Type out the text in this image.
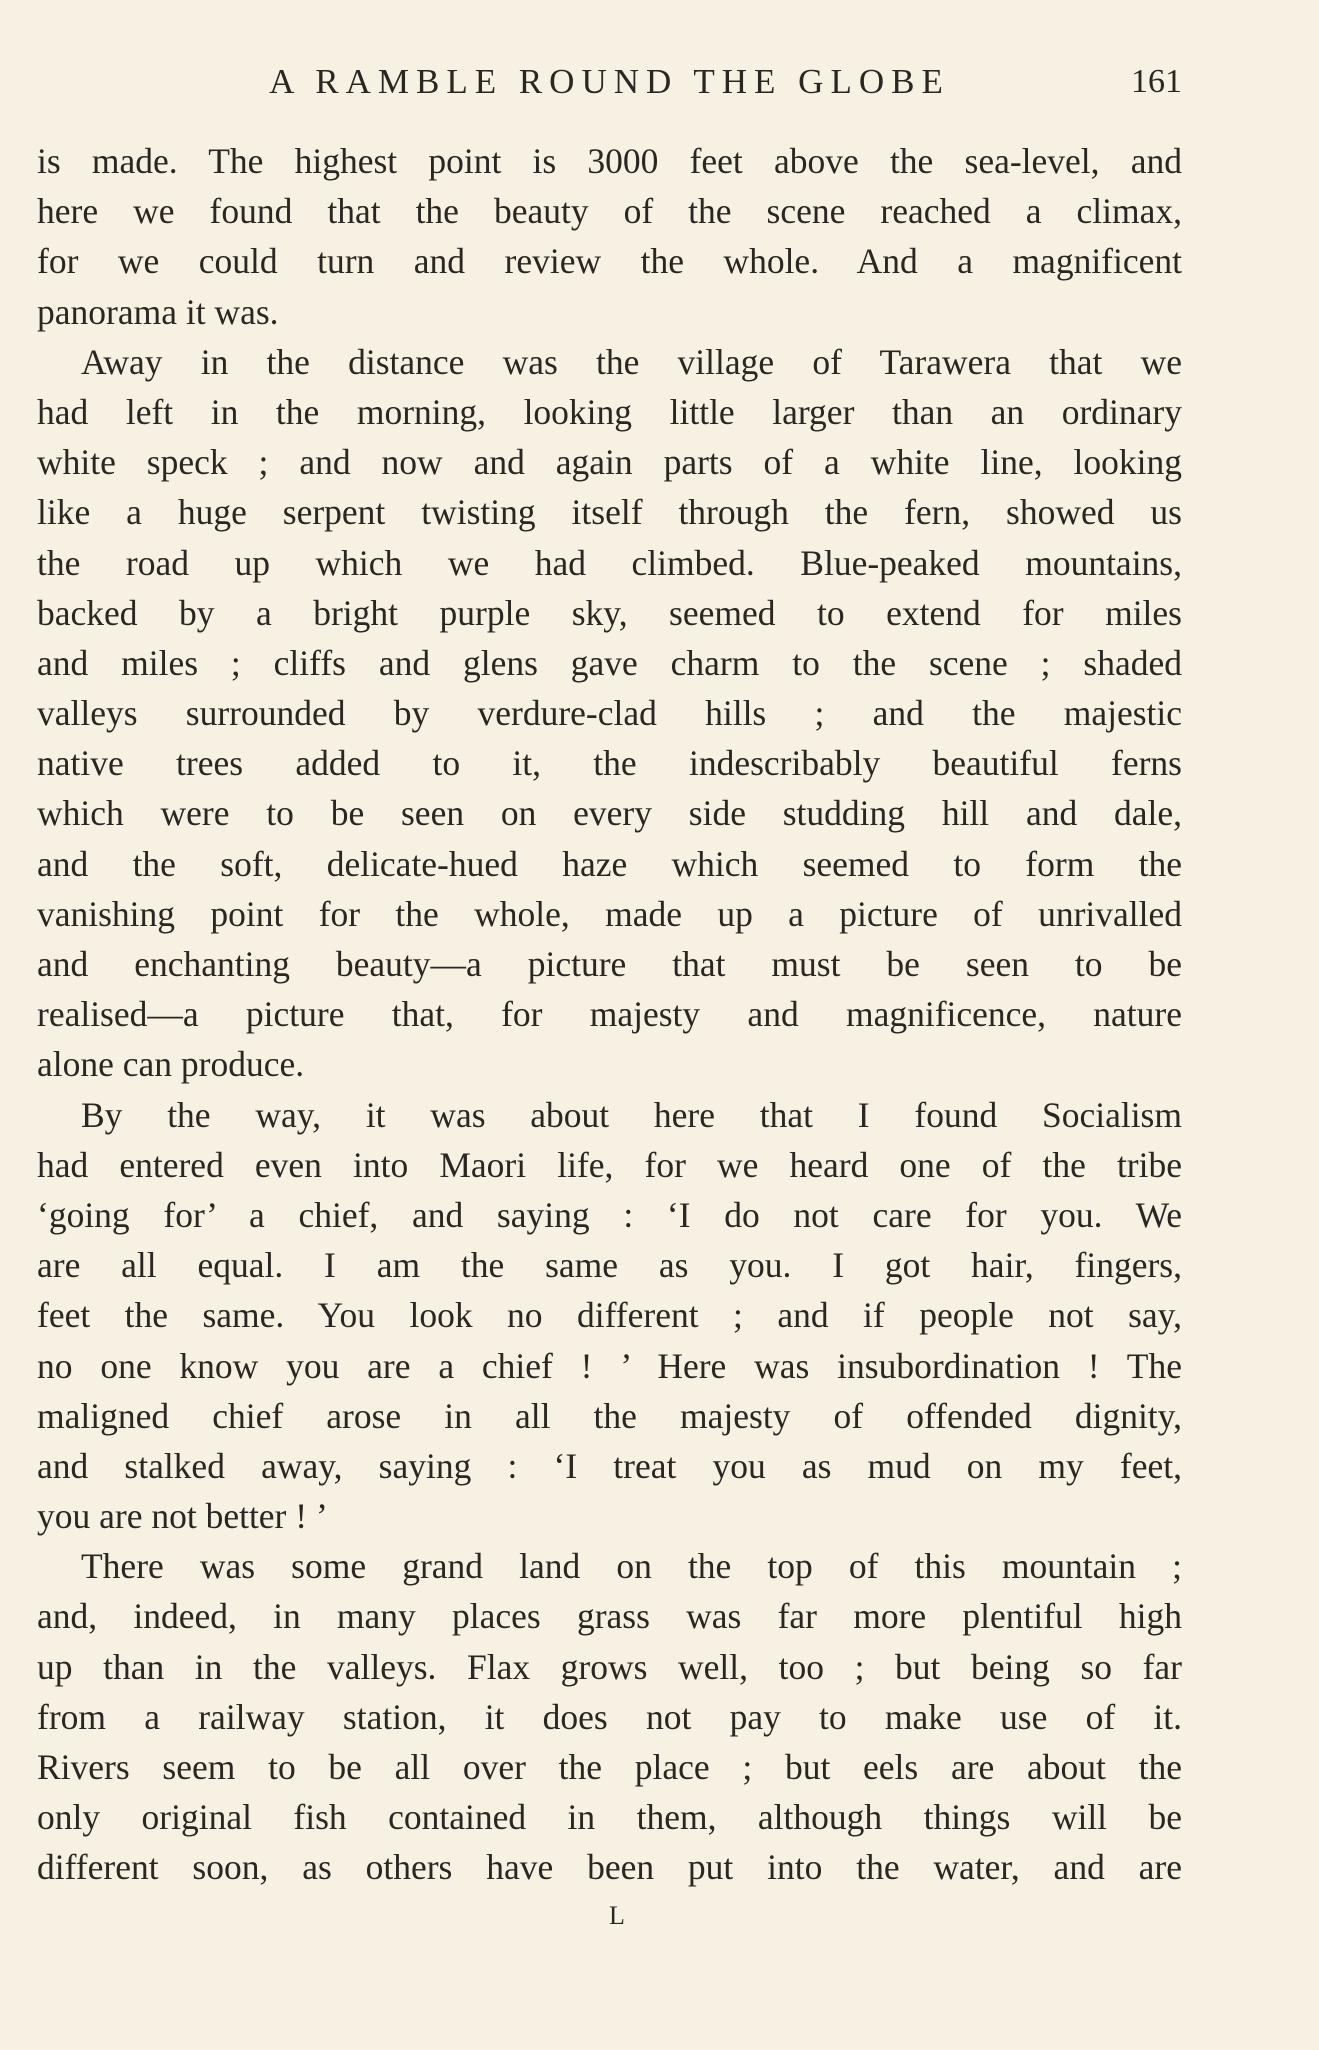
A RAMBLE ROUND THE GLOBE	161
is made. The highest point is 3000 feet above the sea-level, and
here we found that the beauty of the scene reached a climax,
for we could turn and review the whole. And a magnificent
panorama it was.
Away in the distance was the village of Tarawera that we
had left in the morning, looking little larger than an ordinary
white speck ; and now and again parts of a white line, looking
like a huge serpent twisting itself through the fern, showed us
the road up which we had climbed. Blue-peaked mountains,
backed by a bright purple sky, seemed to extend for miles
and miles ; cliffs and glens gave charm to the scene ; shaded
valleys surrounded by verdure-clad hills ; and the majestic
native trees added to it, the indescribably beautiful ferns
which were to be seen on every side studding hill and dale,
and the soft, delicate-hued haze which seemed to form the
vanishing point for the whole, made up a picture of unrivalled
and enchanting beauty—a picture that must be seen to be
realised—a picture that, for majesty and magnificence, nature
alone can produce.
By the way, it was about here that I found Socialism
had entered even into Maori life, for we heard one of the tribe
‘going for’ a chief, and saying : ‘I do not care for you. We
are all equal. I am the same as you. I got hair, fingers,
feet the same. You look no different ; and if people not say,
no one know you are a chief ! ’ Here was insubordination ! The
maligned chief arose in all the majesty of offended dignity,
and stalked away, saying : ‘I treat you as mud on my feet,
you are not better ! ’
There was some grand land on the top of this mountain ;
and, indeed, in many places grass was far more plentiful high
up than in the valleys. Flax grows well, too ; but being so far
from a railway station, it does not pay to make use of it.
Rivers seem to be all over the place ; but eels are about the
only original fish contained in them, although things will be
different soon, as others have been put into the water, and are
L
